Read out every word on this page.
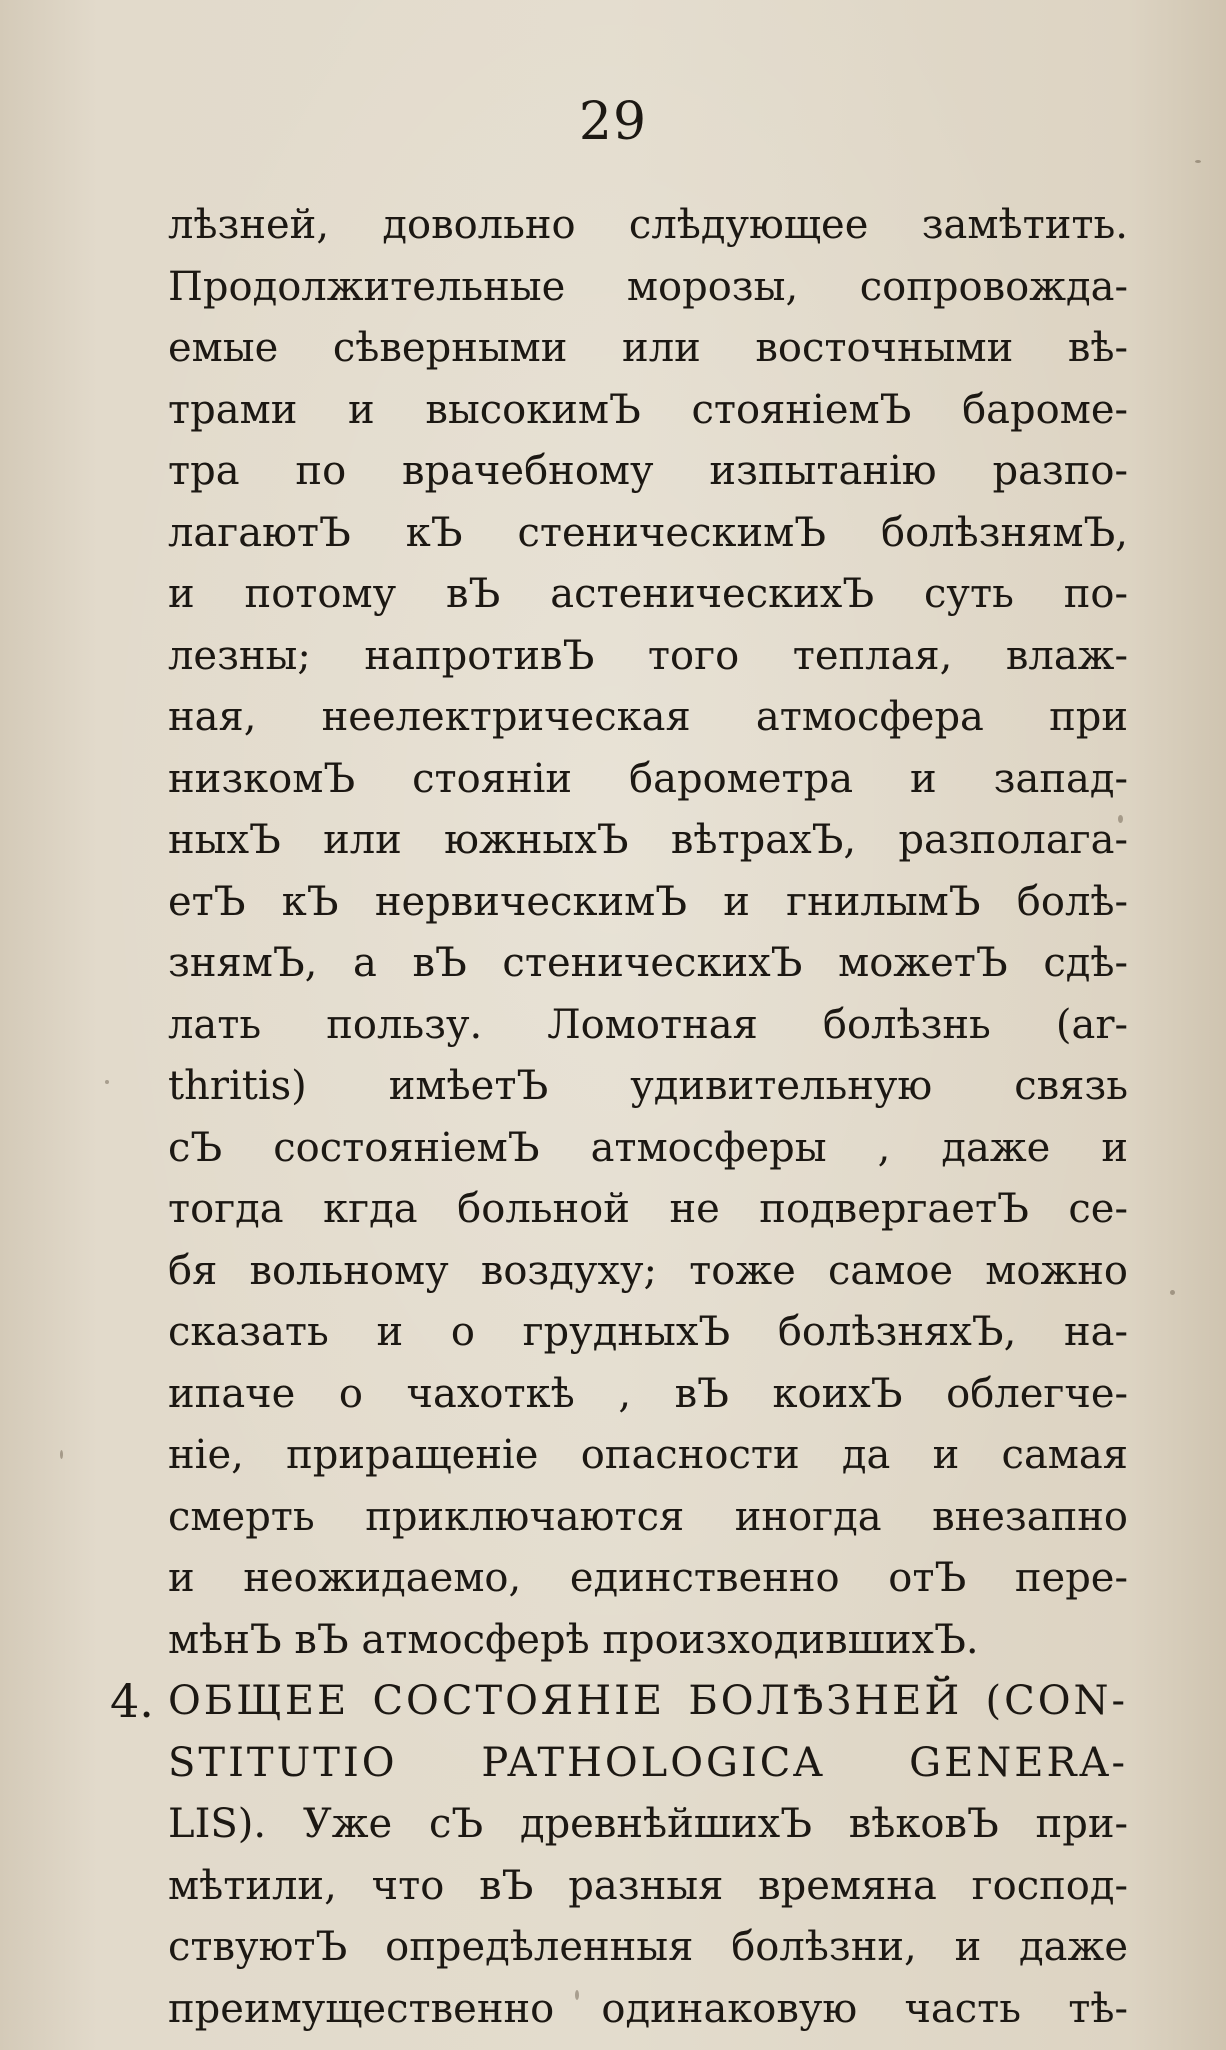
29
4.
лѣзней, довольно слѣдующее замѣтить.
Продолжительные морозы, сопровожда-
емые сѣверными или восточными вѣ-
трами и высокимЪ стояніемЪ бароме-
тра по врачебному изпытанію разпо-
лагаютЪ кЪ стеническимЪ болѣзнямЪ,
и потому вЪ астеническихЪ суть по-
лезны; напротивЪ того теплая, влаж-
ная, неелектрическая атмосфера при
низкомЪ стояніи барометра и запад-
ныхЪ или южныхЪ вѣтрахЪ, разполага-
етЪ кЪ нервическимЪ и гнилымЪ болѣ-
знямЪ, а вЪ стеническихЪ можетЪ сдѣ-
лать пользу. Ломотная болѣзнь (ar-
thritis) имѣетЪ удивительную связь
сЪ состояніемЪ атмосферы , даже и
тогда кгда больной не подвергаетЪ се-
бя вольному воздуху; тоже самое можно
сказать и о грудныхЪ болѣзняхЪ, на-
ипаче о чахоткѣ , вЪ коихЪ облегче-
ніе, приращеніе опасности да и самая
смерть приключаются иногда внезапно
и неожидаемо, единственно отЪ пере-
мѣнЪ вЪ атмосферѣ произходившихЪ.
ОБЩЕЕ СОСТОЯНІЕ БОЛѢЗНЕЙ (CON-
STITUTIO PATHOLOGICA GENERA-
LIS). Уже сЪ древнѣйшихЪ вѣковЪ при-
мѣтили, что вЪ разныя времяна господ-
ствуютЪ опредѣленныя болѣзни, и даже
преимущественно одинаковую часть тѣ-
